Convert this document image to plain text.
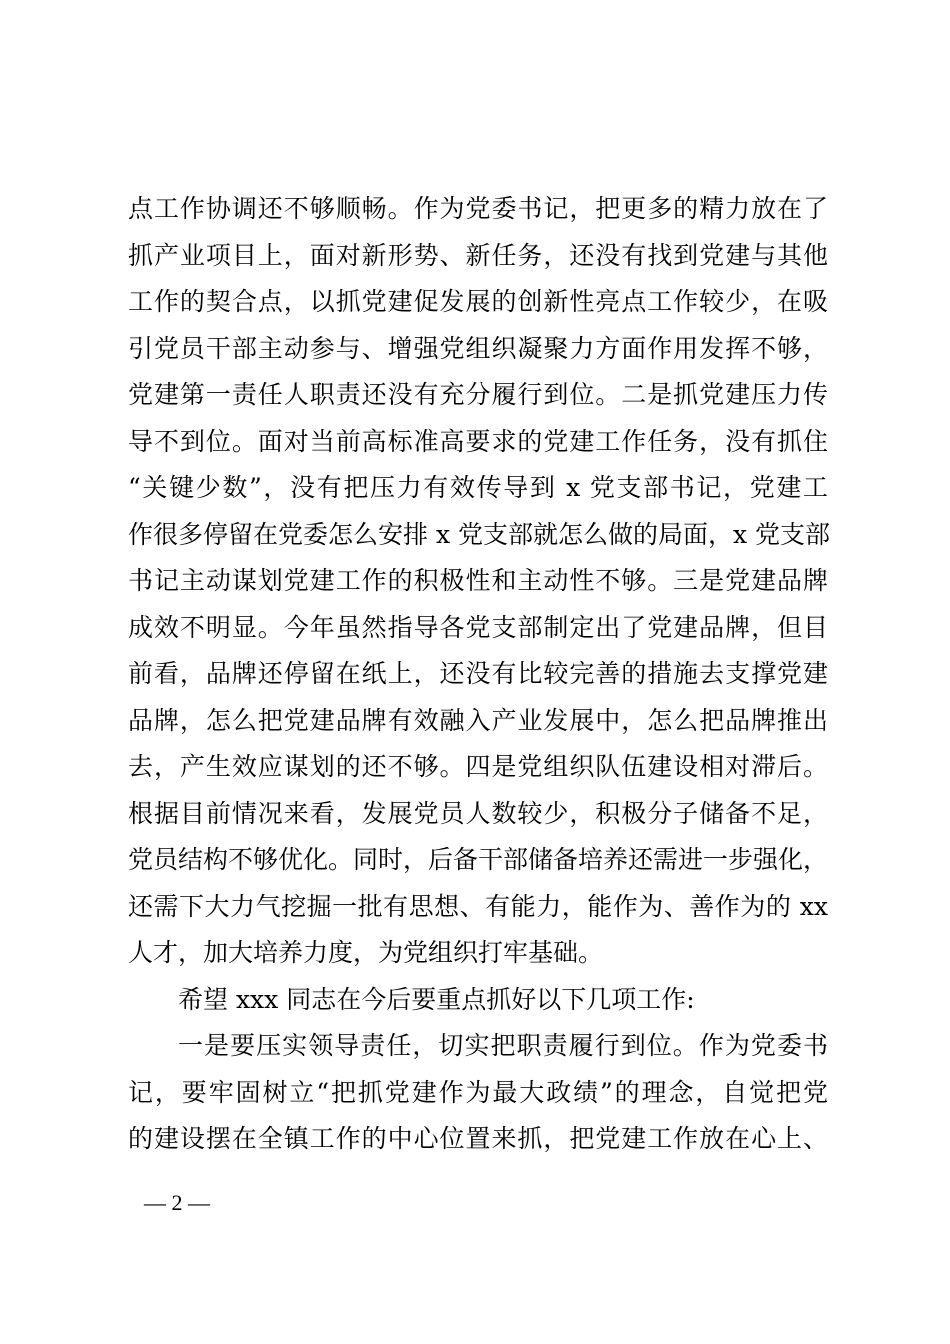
点工作协调还不够顺畅。作为党委书记，把更多的精力放在了
抓产业项目上，面对新形势、新任务，还没有找到党建与其他
工作的契合点，以抓党建促发展的创新性亮点工作较少，在吸
引党员干部主动参与、增强党组织凝聚力方面作用发挥不够，
党建第一责任人职责还没有充分履行到位。二是抓党建压力传
导不到位。面对当前高标准高要求的党建工作任务，没有抓住
“关键少数”，没有把压力有效传导到 x 党支部书记，党建工
作很多停留在党委怎么安排 x 党支部就怎么做的局面，x 党支部
书记主动谋划党建工作的积极性和主动性不够。三是党建品牌
成效不明显。今年虽然指导各党支部制定出了党建品牌，但目
前看，品牌还停留在纸上，还没有比较完善的措施去支撑党建
品牌，怎么把党建品牌有效融入产业发展中，怎么把品牌推出
去，产生效应谋划的还不够。四是党组织队伍建设相对滞后。
根据目前情况来看，发展党员人数较少，积极分子储备不足，
党员结构不够优化。同时，后备干部储备培养还需进一步强化，
还需下大力气挖掘一批有思想、有能力，能作为、善作为的 xx
人才，加大培养力度，为党组织打牢基础。
希望 xxx 同志在今后要重点抓好以下几项工作:
一是要压实领导责任，切实把职责履行到位。作为党委书
记，要牢固树立“把抓党建作为最大政绩”的理念，自觉把党
的建设摆在全镇工作的中心位置来抓，把党建工作放在心上、
— 2 —
